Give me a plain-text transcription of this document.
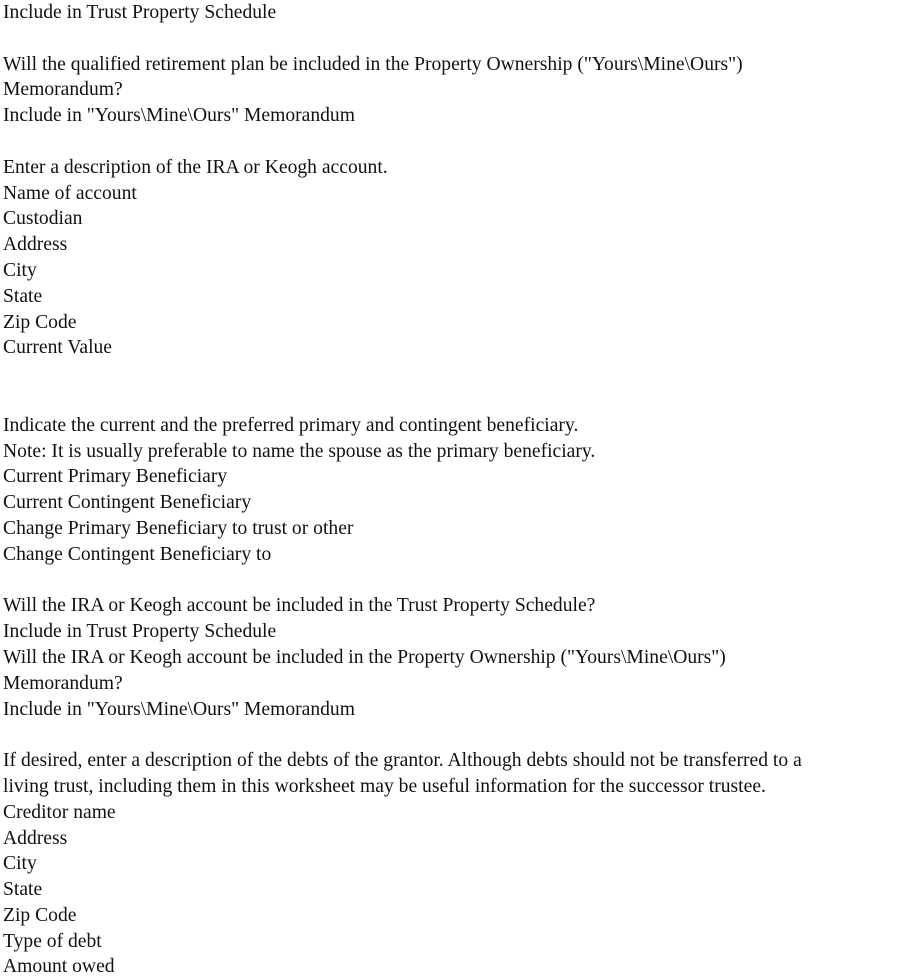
Include in Trust Property Schedule

Will the qualified retirement plan be included in the Property Ownership ("Yours\Mine\Ours")

Memorandum?

Include in "Yours\Mine\Ours" Memorandum

Enter a description of the IRA or Keogh account.

Name of account

Custodian

Address

City

State

Zip Code

Current Value

Indicate the current and the preferred primary and contingent beneficiary.

Note: It is usually preferable to name the spouse as the primary beneficiary.

Current Primary Beneficiary

Current Contingent Beneficiary

Change Primary Beneficiary to trust or other

Change Contingent Beneficiary to

Will the IRA or Keogh account be included in the Trust Property Schedule?

Include in Trust Property Schedule

Will the IRA or Keogh account be included in the Property Ownership ("Yours\Mine\Ours")

Memorandum?

Include in "Yours\Mine\Ours" Memorandum

If desired, enter a description of the debts of the grantor. Although debts should not be transferred to a

living trust, including them in this worksheet may be useful information for the successor trustee.

Creditor name

Address

City

State

Zip Code

Type of debt

Amount owed
